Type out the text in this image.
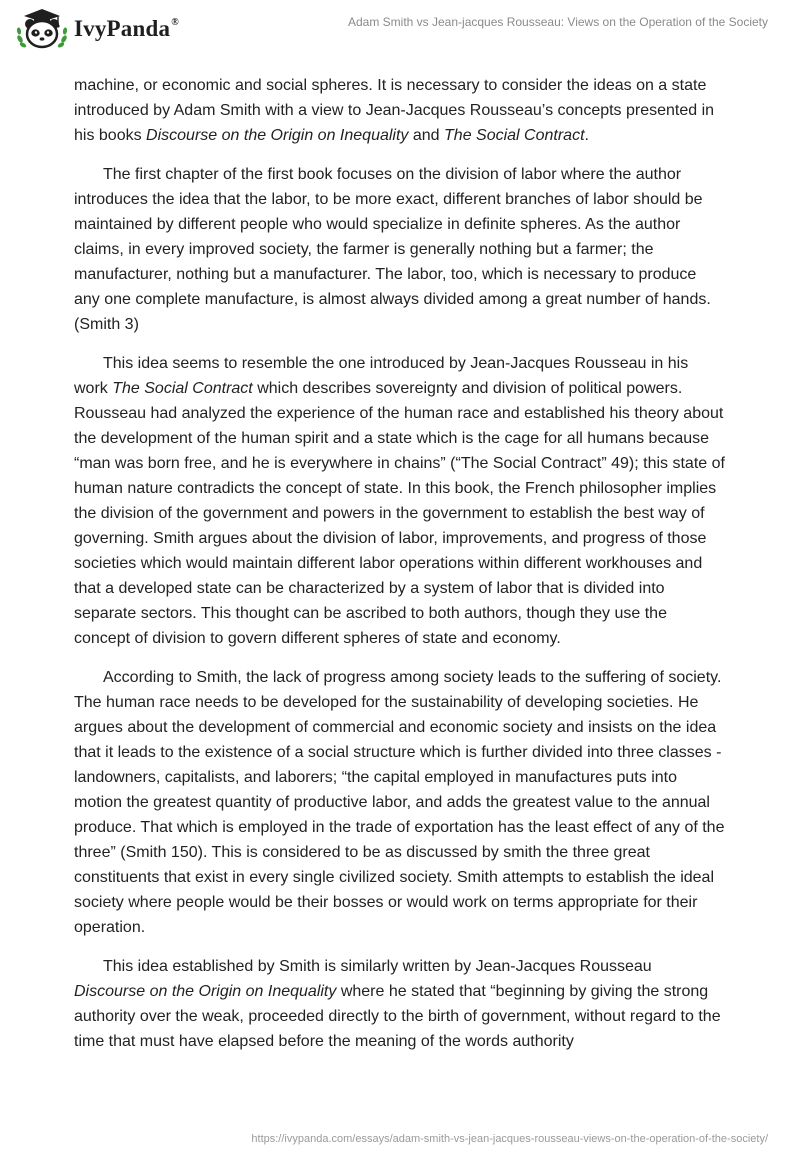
IvyPanda®	Adam Smith vs Jean-jacques Rousseau: Views on the Operation of the Society

machine, or economic and social spheres. It is necessary to consider the ideas on a state introduced by Adam Smith with a view to Jean-Jacques Rousseau’s concepts presented in his books Discourse on the Origin on Inequality and The Social Contract.

The first chapter of the first book focuses on the division of labor where the author introduces the idea that the labor, to be more exact, different branches of labor should be maintained by different people who would specialize in definite spheres. As the author claims, in every improved society, the farmer is generally nothing but a farmer; the manufacturer, nothing but a manufacturer. The labor, too, which is necessary to produce any one complete manufacture, is almost always divided among a great number of hands. (Smith 3)

This idea seems to resemble the one introduced by Jean-Jacques Rousseau in his work The Social Contract which describes sovereignty and division of political powers. Rousseau had analyzed the experience of the human race and established his theory about the development of the human spirit and a state which is the cage for all humans because “man was born free, and he is everywhere in chains” (“The Social Contract” 49); this state of human nature contradicts the concept of state. In this book, the French philosopher implies the division of the government and powers in the government to establish the best way of governing. Smith argues about the division of labor, improvements, and progress of those societies which would maintain different labor operations within different workhouses and that a developed state can be characterized by a system of labor that is divided into separate sectors. This thought can be ascribed to both authors, though they use the concept of division to govern different spheres of state and economy.

According to Smith, the lack of progress among society leads to the suffering of society. The human race needs to be developed for the sustainability of developing societies. He argues about the development of commercial and economic society and insists on the idea that it leads to the existence of a social structure which is further divided into three classes - landowners, capitalists, and laborers; “the capital employed in manufactures puts into motion the greatest quantity of productive labor, and adds the greatest value to the annual produce. That which is employed in the trade of exportation has the least effect of any of the three” (Smith 150). This is considered to be as discussed by smith the three great constituents that exist in every single civilized society. Smith attempts to establish the ideal society where people would be their bosses or would work on terms appropriate for their operation.

This idea established by Smith is similarly written by Jean-Jacques Rousseau Discourse on the Origin on Inequality where he stated that “beginning by giving the strong authority over the weak, proceeded directly to the birth of government, without regard to the time that must have elapsed before the meaning of the words authority

https://ivypanda.com/essays/adam-smith-vs-jean-jacques-rousseau-views-on-the-operation-of-the-society/
